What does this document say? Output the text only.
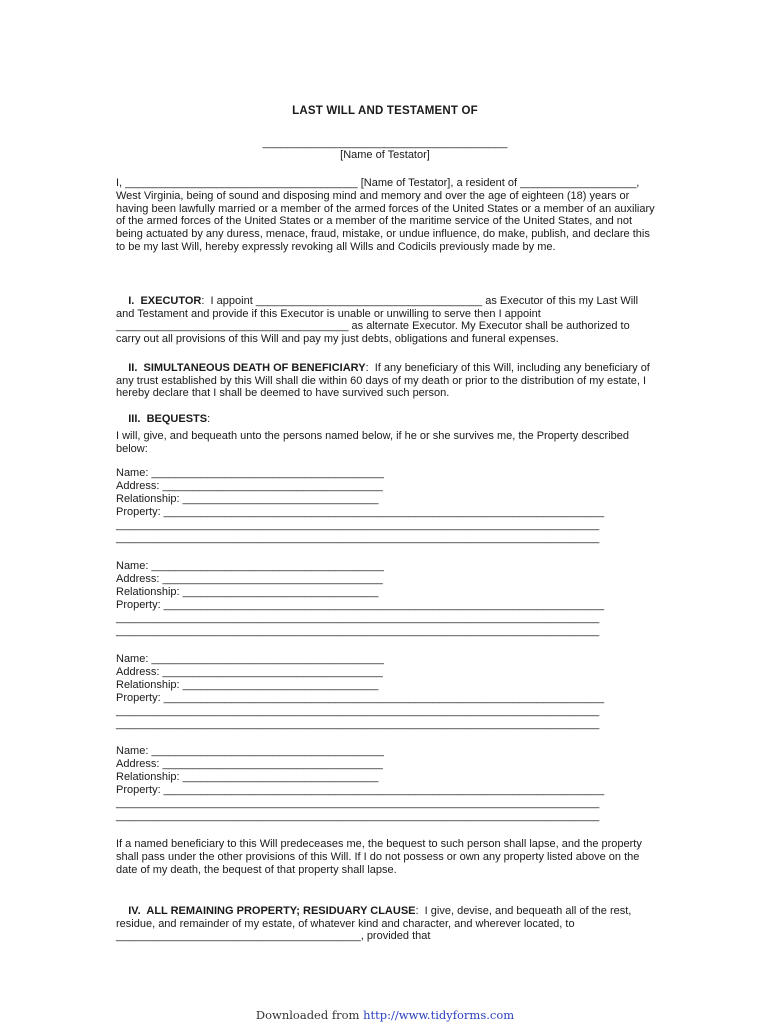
LAST WILL AND TESTAMENT OF
________________________________________
[Name of Testator]
I, ______________________________________ [Name of Testator], a resident of ___________________, West Virginia, being of sound and disposing mind and memory and over the age of eighteen (18) years or having been lawfully married or a member of the armed forces of the United States or a member of an auxiliary of the armed forces of the United States or a member of the maritime service of the United States, and not being actuated by any duress, menace, fraud, mistake, or undue influence, do make, publish, and declare this to be my last Will, hereby expressly revoking all Wills and Codicils previously made by me.

I.  EXECUTOR:  I appoint _____________________________________ as Executor of this my Last Will and Testament and provide if this Executor is unable or unwilling to serve then I appoint ______________________________________ as alternate Executor. My Executor shall be authorized to carry out all provisions of this Will and pay my just debts, obligations and funeral expenses.

II.  SIMULTANEOUS DEATH OF BENEFICIARY:  If any beneficiary of this Will, including any beneficiary of any trust established by this Will shall die within 60 days of my death or prior to the distribution of my estate, I hereby declare that I shall be deemed to have survived such person.

III.  BEQUESTS:

I will, give, and bequeath unto the persons named below, if he or she survives me, the Property described below:
Name: ______________________________________
Address: ____________________________________
Relationship: ________________________________
Property: ________________________________________________________________________
_______________________________________________________________________________
_______________________________________________________________________________
Name: ______________________________________
Address: ____________________________________
Relationship: ________________________________
Property: ________________________________________________________________________
_______________________________________________________________________________
_______________________________________________________________________________
Name: ______________________________________
Address: ____________________________________
Relationship: ________________________________
Property: ________________________________________________________________________
_______________________________________________________________________________
_______________________________________________________________________________
Name: ______________________________________
Address: ____________________________________
Relationship: ________________________________
Property: ________________________________________________________________________
_______________________________________________________________________________
_______________________________________________________________________________
If a named beneficiary to this Will predeceases me, the bequest to such person shall lapse, and the property shall pass under the other provisions of this Will. If I do not possess or own any property listed above on the date of my death, the bequest of that property shall lapse.

IV.  ALL REMAINING PROPERTY; RESIDUARY CLAUSE:  I give, devise, and bequeath all of the rest, residue, and remainder of my estate, of whatever kind and character, and wherever located, to ________________________________________, provided that

Downloaded from http://www.tidyforms.com
